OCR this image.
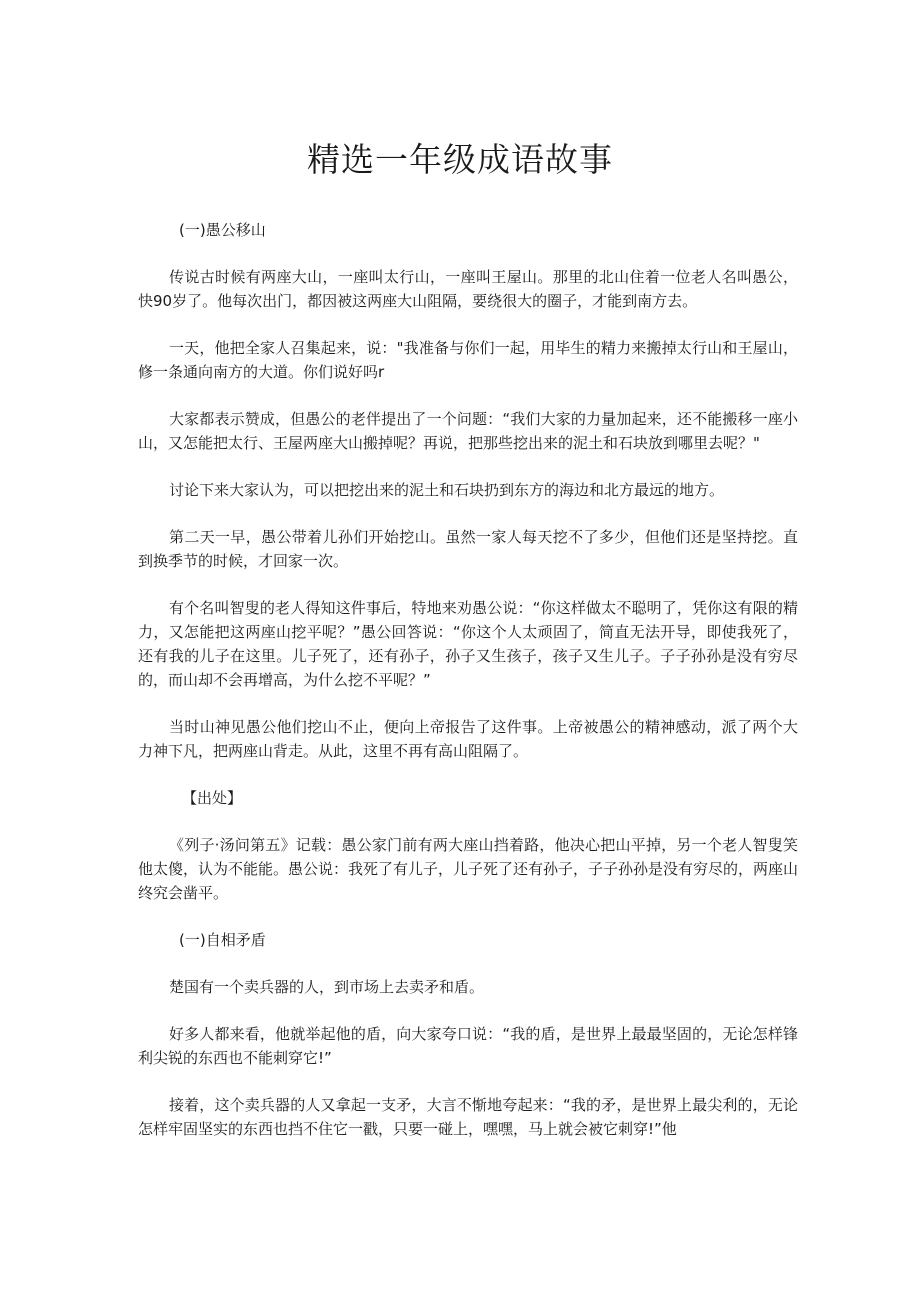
精选一年级成语故事
(一)愚公移山

传说古时候有两座大山，一座叫太行山，一座叫王屋山。那里的北山住着一位老人名叫愚公，快90岁了。他每次出门，都因被这两座大山阻隔，要绕很大的圈子，才能到南方去。

一天，他把全家人召集起来，说："我准备与你们一起，用毕生的精力来搬掉太行山和王屋山，修一条通向南方的大道。你们说好吗r

大家都表示赞成，但愚公的老伴提出了一个问题：“我们大家的力量加起来，还不能搬移一座小山，又怎能把太行、王屋两座大山搬掉呢？再说，把那些挖出来的泥土和石块放到哪里去呢？"

讨论下来大家认为，可以把挖出来的泥土和石块扔到东方的海边和北方最远的地方。

第二天一早，愚公带着儿孙们开始挖山。虽然一家人每天挖不了多少，但他们还是坚持挖。直到换季节的时候，才回家一次。

有个名叫智叟的老人得知这件事后，特地来劝愚公说：“你这样做太不聪明了，凭你这有限的精力，又怎能把这两座山挖平呢？”愚公回答说：“你这个人太顽固了，简直无法开导，即使我死了，还有我的儿子在这里。儿子死了，还有孙子，孙子又生孩子，孩子又生儿子。子子孙孙是没有穷尽的，而山却不会再增高，为什么挖不平呢？”

当时山神见愚公他们挖山不止，便向上帝报告了这件事。上帝被愚公的精神感动，派了两个大力神下凡，把两座山背走。从此，这里不再有高山阻隔了。

【出处】

《列子·汤问第五》记载：愚公家门前有两大座山挡着路，他决心把山平掉，另一个老人智叟笑他太傻，认为不能能。愚公说：我死了有儿子，儿子死了还有孙子，子子孙孙是没有穷尽的，两座山终究会凿平。

(一)自相矛盾

楚国有一个卖兵器的人，到市场上去卖矛和盾。

好多人都来看，他就举起他的盾，向大家夸口说：“我的盾，是世界上最最坚固的，无论怎样锋利尖锐的东西也不能刺穿它!”

接着，这个卖兵器的人又拿起一支矛，大言不惭地夸起来：“我的矛，是世界上最尖利的，无论怎样牢固坚实的东西也挡不住它一戳，只要一碰上，嘿嘿，马上就会被它刺穿!”他
